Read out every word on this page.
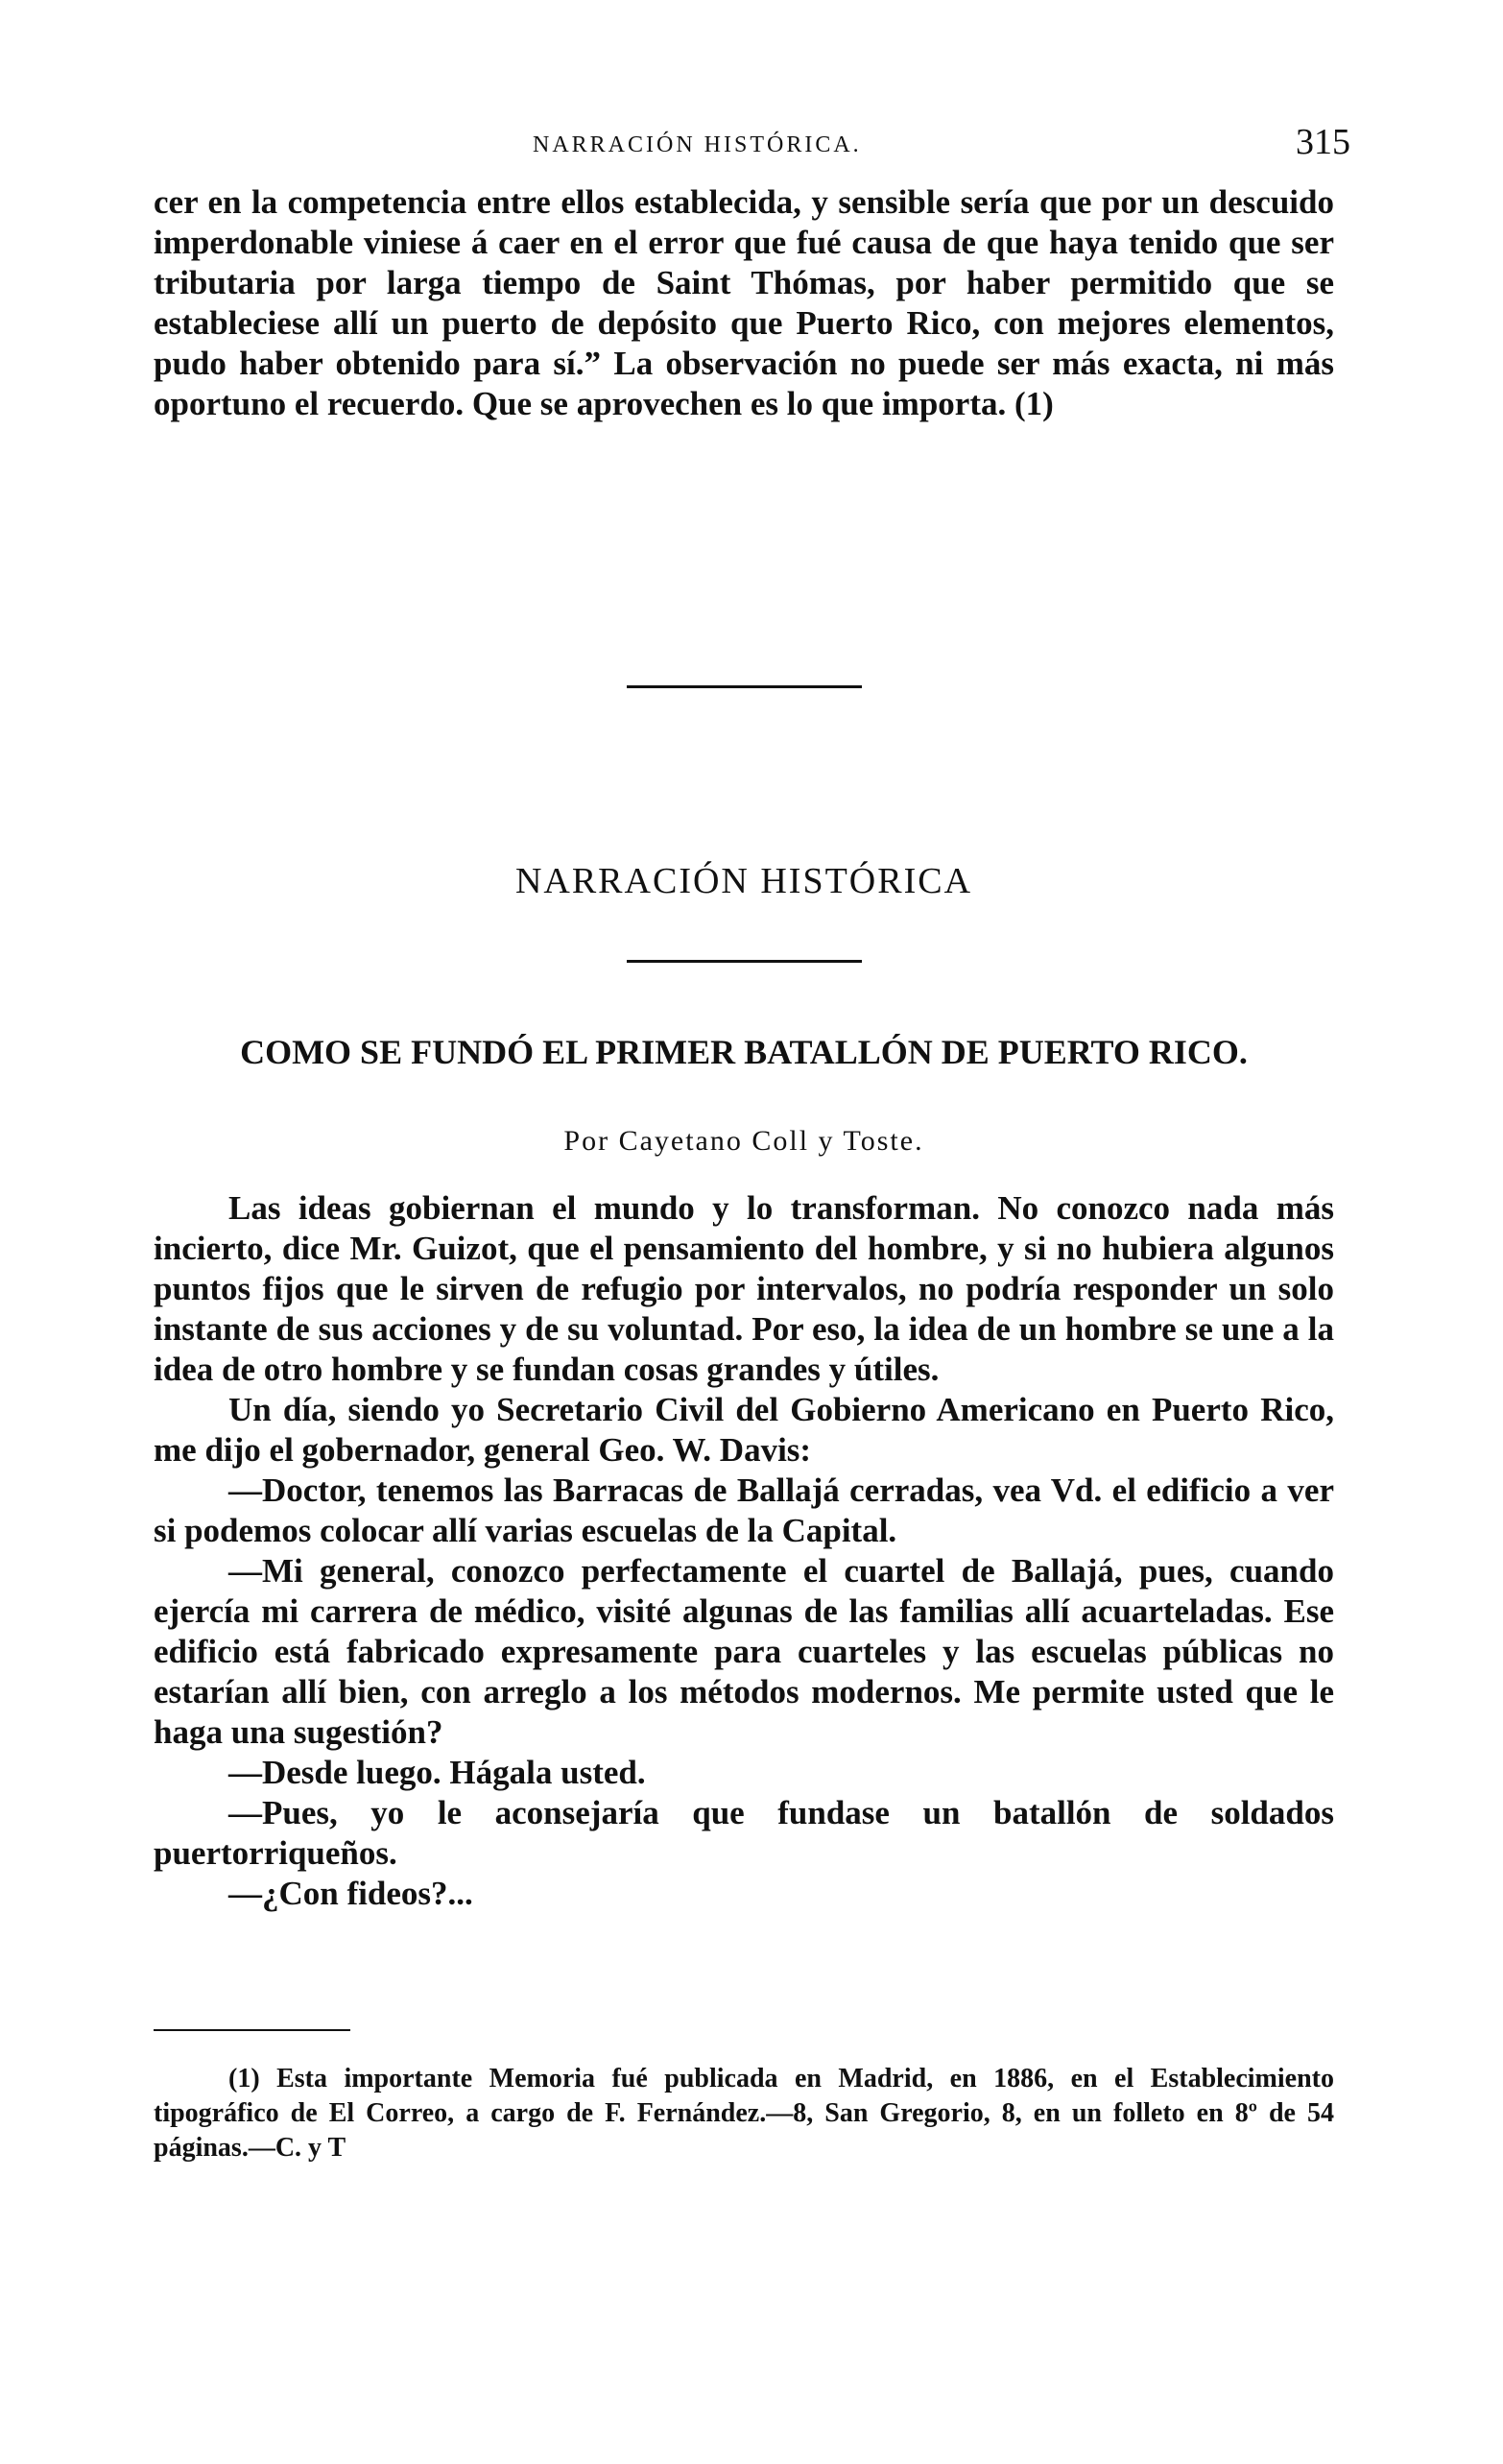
NARRACIÓN HISTÓRICA.	315

cer en la competencia entre ellos establecida, y sensible sería que por un descuido imperdonable viniese á caer en el error que fué causa de que haya tenido que ser tributaria por larga tiempo de Saint Thómas, por haber permitido que se estableciese allí un puerto de depósito que Puerto Rico, con mejores elementos, pudo haber obtenido para sí.” La observación no puede ser más exacta, ni más oportuno el recuerdo. Que se aprovechen es lo que importa. (1)

NARRACIÓN HISTÓRICA
COMO SE FUNDÓ EL PRIMER BATALLÓN DE PUERTO RICO.
Por Cayetano Coll y Toste.

Las ideas gobiernan el mundo y lo transforman. No conozco nada más incierto, dice Mr. Guizot, que el pensamiento del hombre, y si no hubiera algunos puntos fijos que le sirven de refugio por intervalos, no podría responder un solo instante de sus acciones y de su voluntad. Por eso, la idea de un hombre se une a la idea de otro hombre y se fundan cosas grandes y útiles.

Un día, siendo yo Secretario Civil del Gobierno Americano en Puerto Rico, me dijo el gobernador, general Geo. W. Davis:

—Doctor, tenemos las Barracas de Ballajá cerradas, vea Vd. el edificio a ver si podemos colocar allí varias escuelas de la Capital.

—Mi general, conozco perfectamente el cuartel de Ballajá, pues, cuando ejercía mi carrera de médico, visité algunas de las familias allí acuarteladas. Ese edificio está fabricado expresamente para cuarteles y las escuelas públicas no estarían allí bien, con arreglo a los métodos modernos. Me permite usted que le haga una sugestión?

—Desde luego. Hágala usted.

—Pues, yo le aconsejaría que fundase un batallón de soldados puertorriqueños.

—¿Con fideos?...

(1) Esta importante Memoria fué publicada en Madrid, en 1886, en el Establecimiento tipográfico de El Correo, a cargo de F. Fernández.—8, San Gregorio, 8, en un folleto en 8º de 54 páginas.—C. y T
